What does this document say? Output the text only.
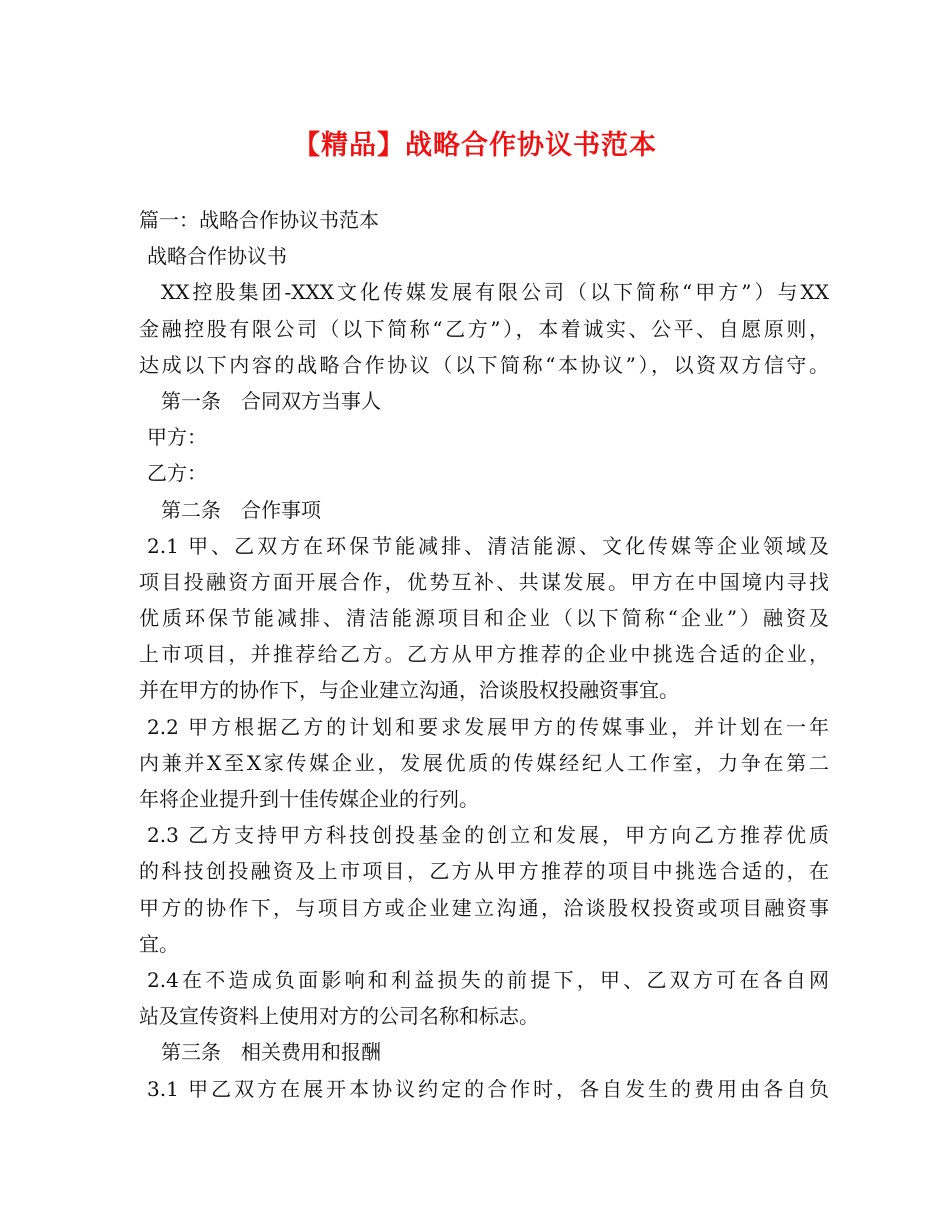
【精品】战略合作协议书范本
篇一：战略合作协议书范本
战略合作协议书
XX控股集团-XXX文化传媒发展有限公司（以下简称“甲方”）与XX
金融控股有限公司（以下简称“乙方”），本着诚实、公平、自愿原则，
达成以下内容的战略合作协议（以下简称“本协议”），以资双方信守。
第一条　合同双方当事人
甲方：
乙方：
第二条　合作事项
2.1 甲、乙双方在环保节能减排、清洁能源、文化传媒等企业领域及
项目投融资方面开展合作，优势互补、共谋发展。甲方在中国境内寻找
优质环保节能减排、清洁能源项目和企业（以下简称“企业”）融资及
上市项目，并推荐给乙方。乙方从甲方推荐的企业中挑选合适的企业，
并在甲方的协作下，与企业建立沟通，洽谈股权投融资事宜。
2.2 甲方根据乙方的计划和要求发展甲方的传媒事业，并计划在一年
内兼并X至X家传媒企业，发展优质的传媒经纪人工作室，力争在第二
年将企业提升到十佳传媒企业的行列。
2.3 乙方支持甲方科技创投基金的创立和发展，甲方向乙方推荐优质
的科技创投融资及上市项目，乙方从甲方推荐的项目中挑选合适的，在
甲方的协作下，与项目方或企业建立沟通，洽谈股权投资或项目融资事
宜。
2.4在不造成负面影响和利益损失的前提下，甲、乙双方可在各自网
站及宣传资料上使用对方的公司名称和标志。
第三条　相关费用和报酬
3.1 甲乙双方在展开本协议约定的合作时，各自发生的费用由各自负
